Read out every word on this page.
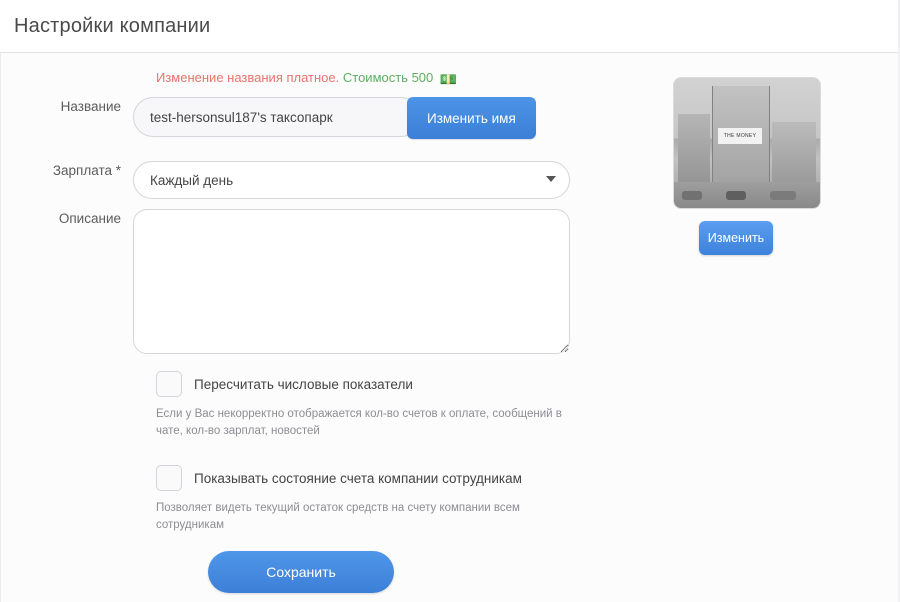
Настройки компании
Изменение названия платное. Стоимость 500 💵
Название
test-hersonsul187's таксопарк
Изменить имя
Зарплата *
Каждый день
Описание
Пересчитать числовые показатели
Если у Вас некорректно отображается кол-во счетов к оплате, сообщений в чате, кол-во зарплат, новостей
Показывать состояние счета компании сотрудникам
Позволяет видеть текущий остаток средств на счету компании всем сотрудникам
Сохранить
THE MONEY
Изменить
